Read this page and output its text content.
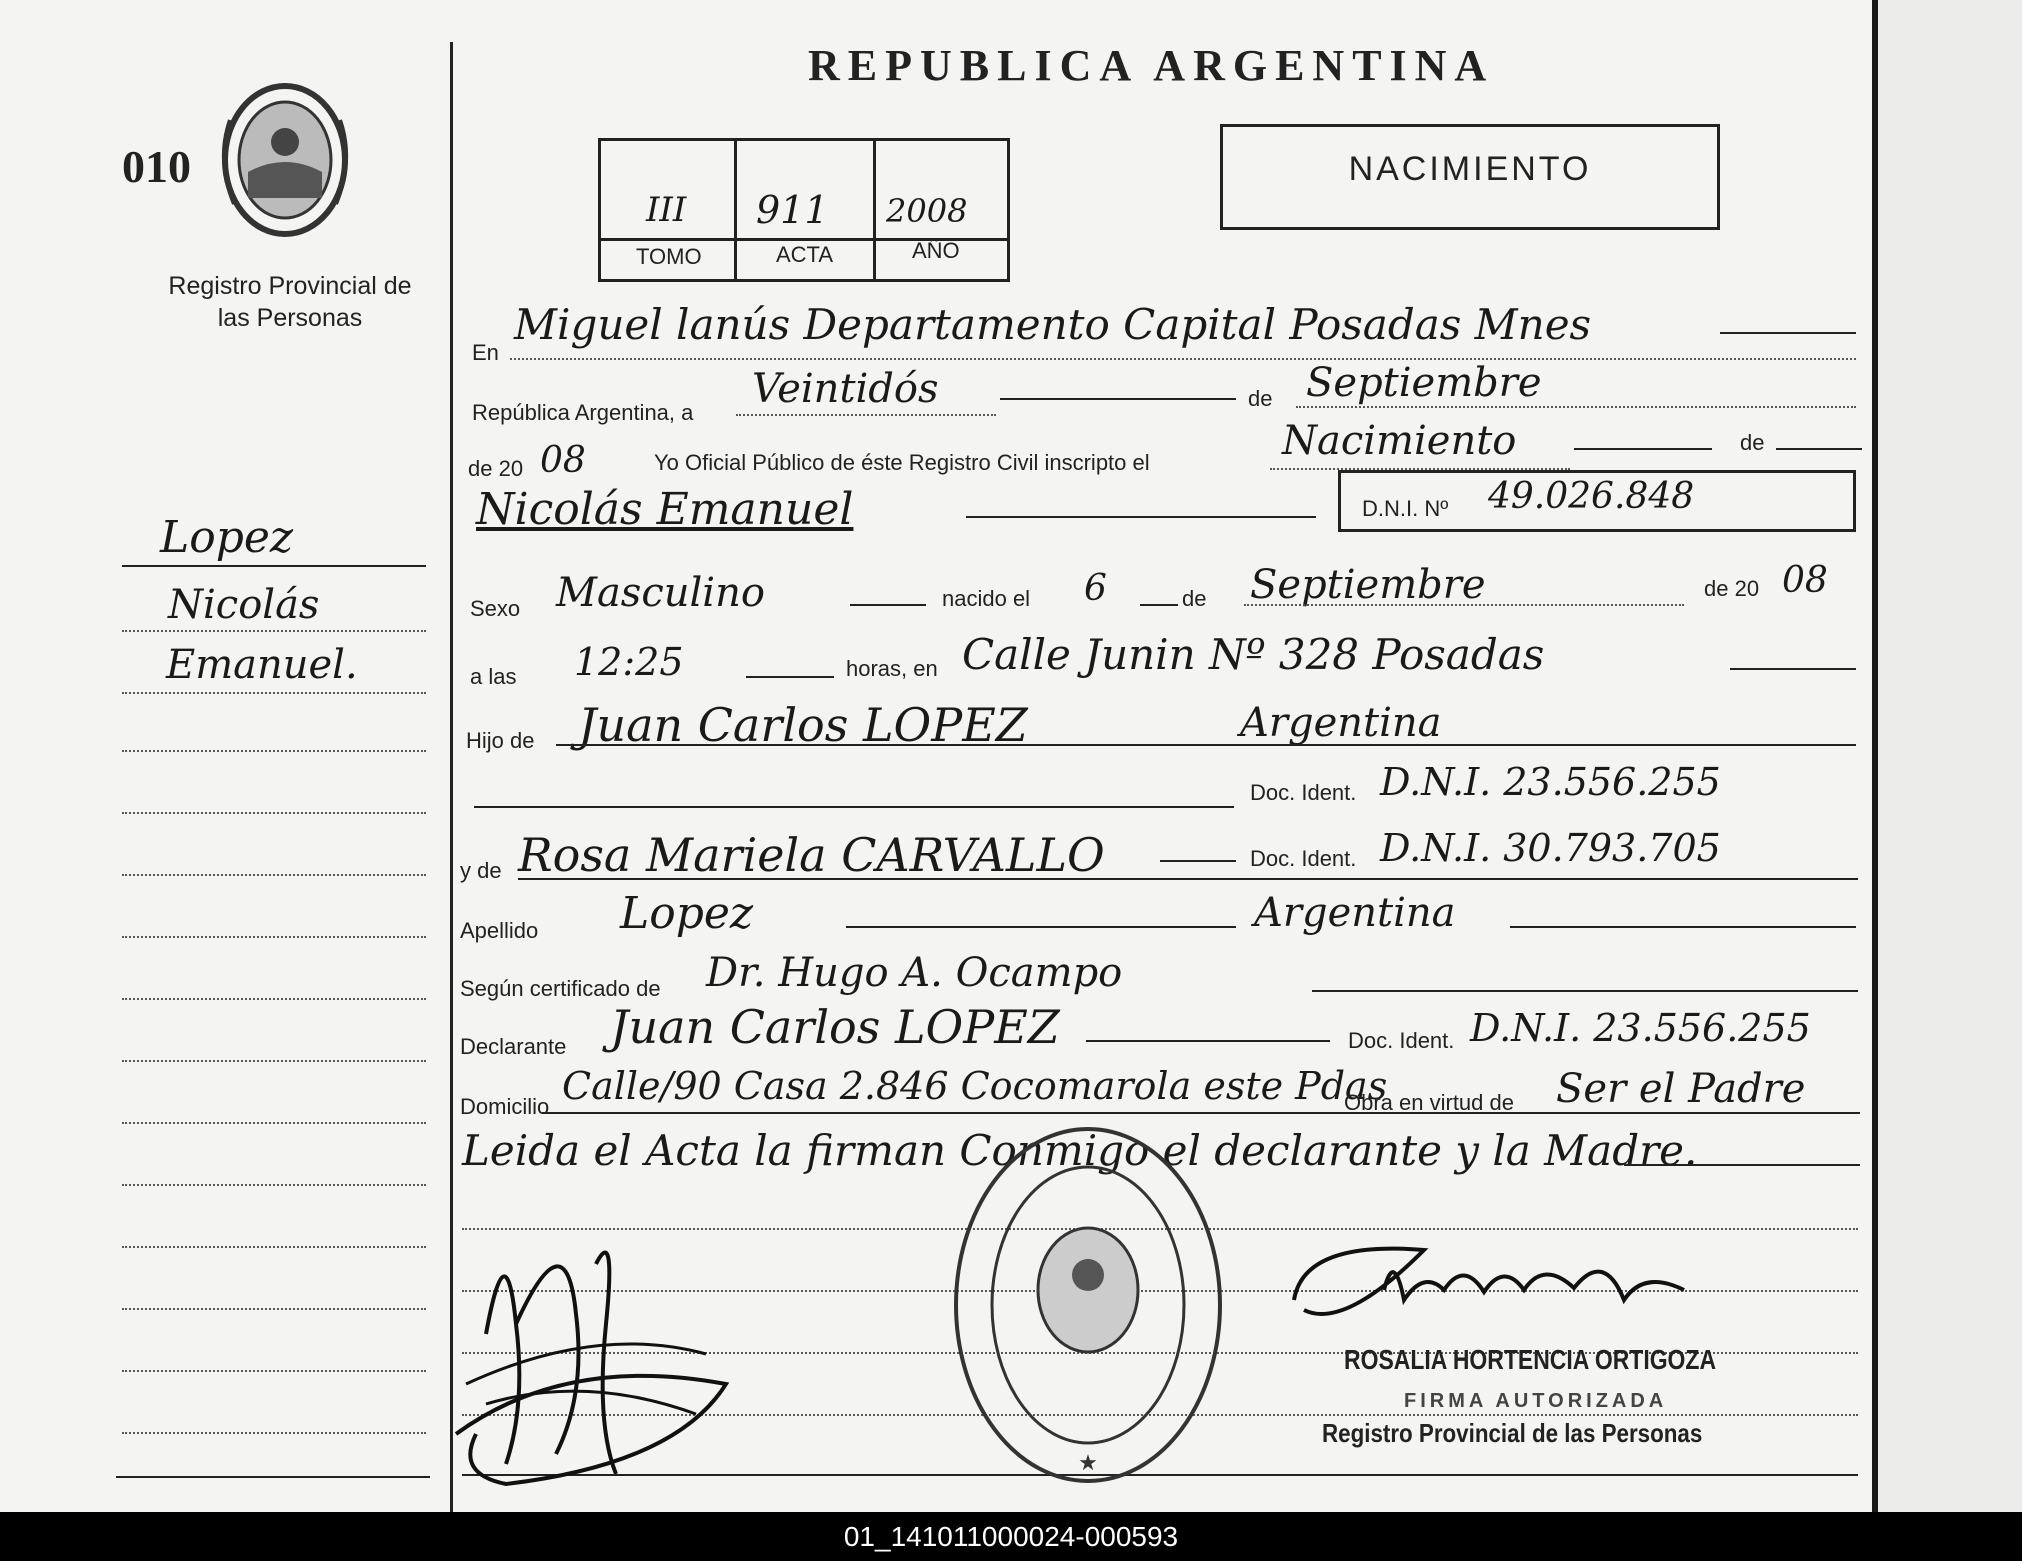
010
Registro Provincial de las Personas
Lopez
Nicolás
Emanuel.
REPUBLICA ARGENTINA
III 911 2008
TOMO	ACTA	AÑO
NACIMIENTO
En
Miguel lanús Departamento Capital Posadas Mnes
República Argentina, a
Veintidós	de Septiembre
de 20 08	Yo Oficial Público de éste Registro Civil inscripto el	Nacimiento	de
Nicolás Emanuel	D.N.I. Nº 49.026.848
Sexo Masculino	nacido el 6	de Septiembre	de 20 08
a las 12:25	horas, en Calle Junin Nº 328 Posadas
Hijo de Juan Carlos LOPEZ	Argentina
Doc. Ident. D.N.I. 23.556.255
y de Rosa Mariela CARVALLO	Doc. Ident. D.N.I. 30.793.705
Apellido Lopez	Argentina
Según certificado de Dr. Hugo A. Ocampo
Declarante Juan Carlos LOPEZ	Doc. Ident. D.N.I. 23.556.255
Domicilio Calle/90 Casa 2.846 Cocomarola este Pdas
Obra en virtud de Ser el Padre
Leida el Acta la firman Conmigo el declarante y la Madre.
★
ROSALIA HORTENCIA ORTIGOZA
FIRMA AUTORIZADA
Registro Provincial de las Personas
01_141011000024-000593
